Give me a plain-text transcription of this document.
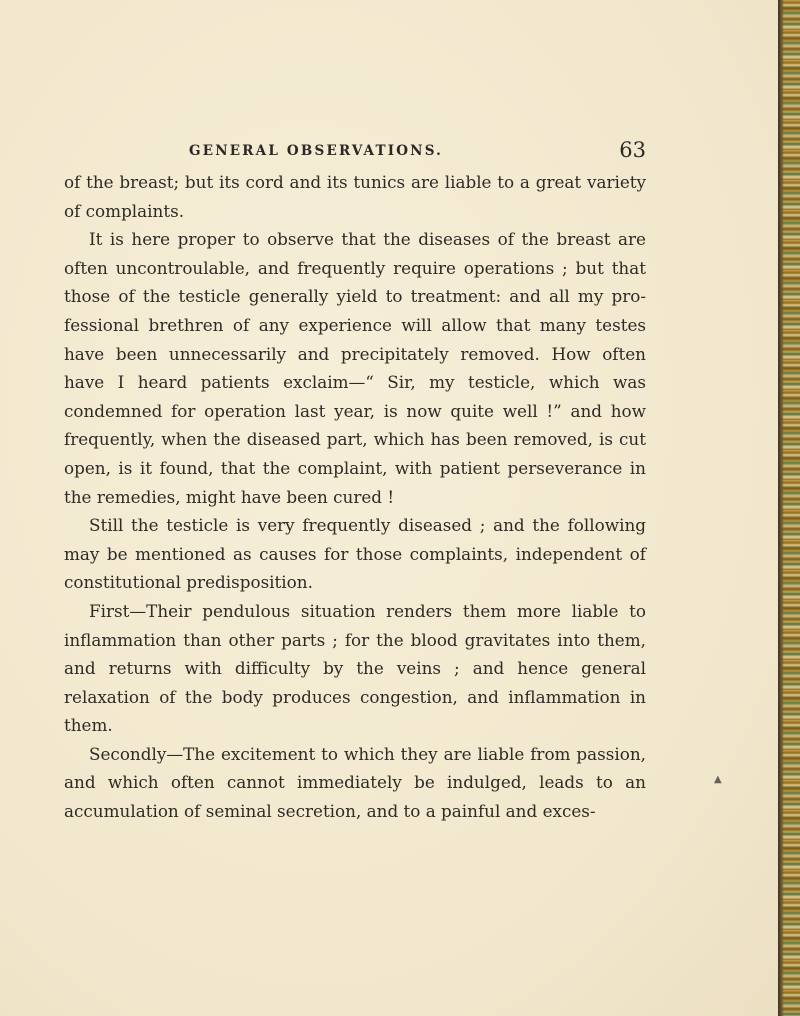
GENERAL OBSERVATIONS.	63

of the breast; but its cord and its tunics are liable to a great variety of complaints.

It is here proper to observe that the diseases of the breast are often uncontroulable, and frequently require operations ; but that those of the testicle generally yield to treatment: and all my professional brethren of any experience will allow that many testes have been unnecessarily and precipitately removed. How often have I heard patients exclaim—“ Sir, my testicle, which was condemned for operation last year, is now quite well !” and how frequently, when the diseased part, which has been removed, is cut open, is it found, that the complaint, with patient perseverance in the remedies, might have been cured !

Still the testicle is very frequently diseased ; and the following may be mentioned as causes for those complaints, independent of constitutional predisposition.

First—Their pendulous situation renders them more liable to inflammation than other parts ; for the blood gravitates into them, and returns with difficulty by the veins ; and hence general relaxation of the body produces congestion, and inflammation in them.

Secondly—The excitement to which they are liable from passion, and which often cannot immediately be indulged, leads to an accumulation of seminal secretion, and to a painful and exces-

▲
